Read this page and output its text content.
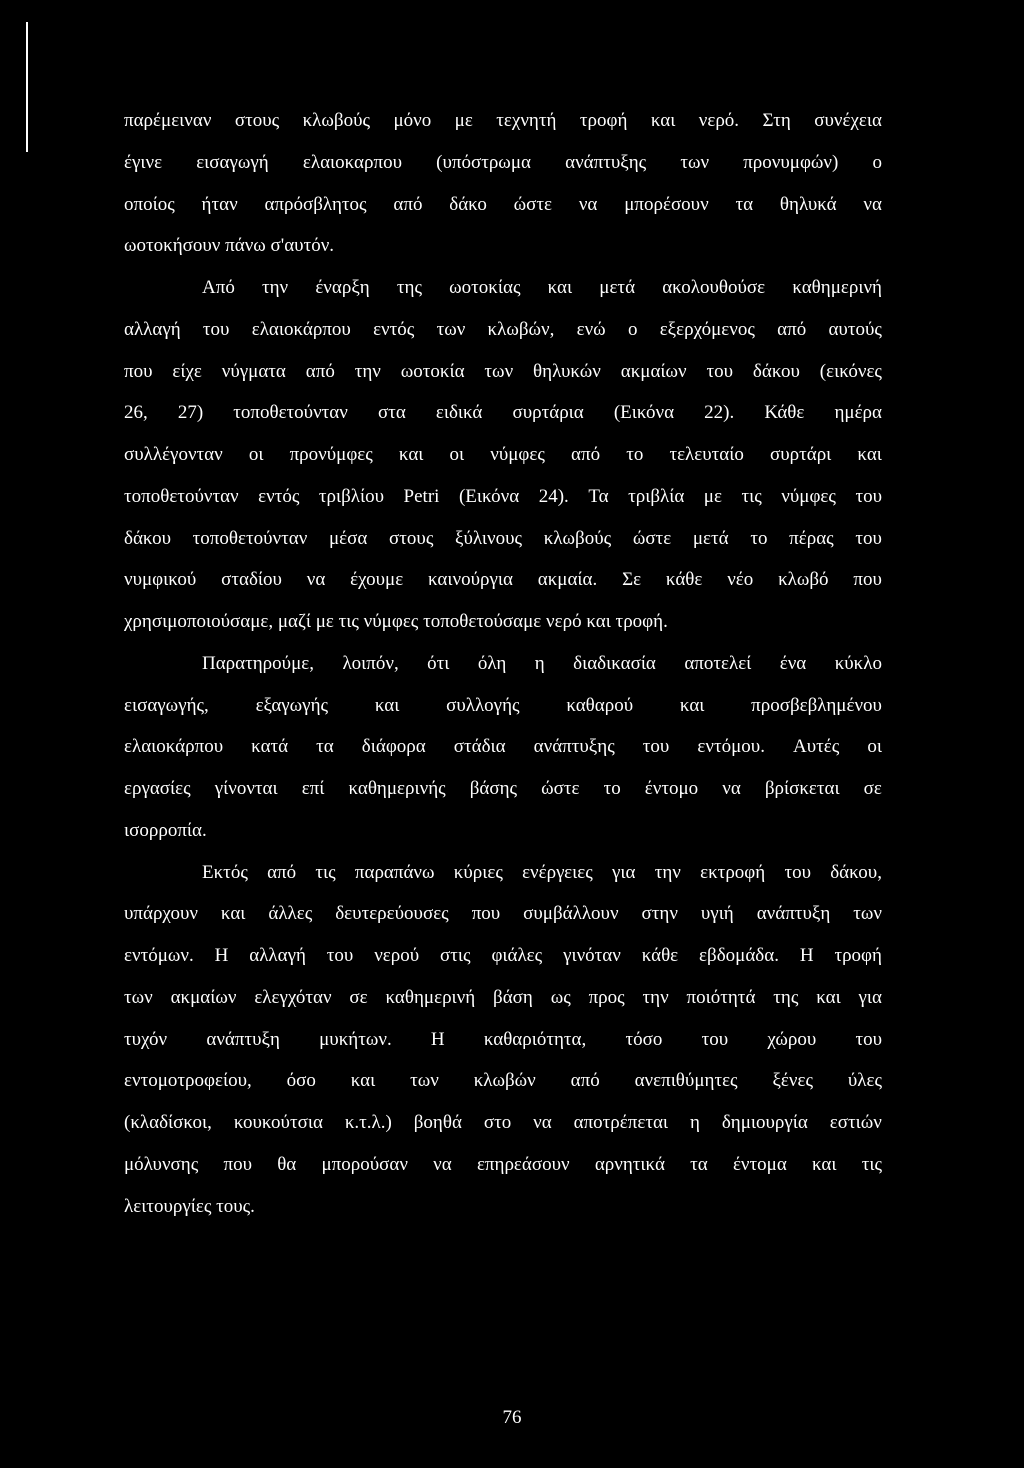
παρέμειναν στους κλωβούς μόνο με τεχνητή τροφή και νερό. Στη συνέχεια
έγινε εισαγωγή ελαιοκαρπου (υπόστρωμα ανάπτυξης των προνυμφών) ο
οποίος ήταν απρόσβλητος από δάκο ώστε να μπορέσουν τα θηλυκά να
ωοτοκήσουν πάνω σ'αυτόν.
Από την έναρξη της ωοτοκίας και μετά ακολουθούσε καθημερινή
αλλαγή του ελαιοκάρπου εντός των κλωβών, ενώ ο εξερχόμενος από αυτούς
που είχε νύγματα από την ωοτοκία των θηλυκών ακμαίων του δάκου (εικόνες
26, 27) τοποθετούνταν στα ειδικά συρτάρια (Εικόνα 22). Κάθε ημέρα
συλλέγονταν οι προνύμφες και οι νύμφες από το τελευταίο συρτάρι και
τοποθετούνταν εντός τριβλίου Petri (Εικόνα 24). Τα τριβλία με τις νύμφες του
δάκου τοποθετούνταν μέσα στους ξύλινους κλωβούς ώστε μετά το πέρας του
νυμφικού σταδίου να έχουμε καινούργια ακμαία. Σε κάθε νέο κλωβό που
χρησιμοποιούσαμε, μαζί με τις νύμφες τοποθετούσαμε νερό και τροφή.
Παρατηρούμε, λοιπόν, ότι όλη η διαδικασία αποτελεί ένα κύκλο
εισαγωγής, εξαγωγής και συλλογής καθαρού και προσβεβλημένου
ελαιοκάρπου κατά τα διάφορα στάδια ανάπτυξης του εντόμου. Αυτές οι
εργασίες γίνονται επί καθημερινής βάσης ώστε το έντομο να βρίσκεται σε
ισορροπία.
Εκτός από τις παραπάνω κύριες ενέργειες για την εκτροφή του δάκου,
υπάρχουν και άλλες δευτερεύουσες που συμβάλλουν στην υγιή ανάπτυξη των
εντόμων. Η αλλαγή του νερού στις φιάλες γινόταν κάθε εβδομάδα. Η τροφή
των ακμαίων ελεγχόταν σε καθημερινή βάση ως προς την ποιότητά της και για
τυχόν ανάπτυξη μυκήτων. Η καθαριότητα, τόσο του χώρου του
εντομοτροφείου, όσο και των κλωβών από ανεπιθύμητες ξένες ύλες
(κλαδίσκοι, κουκούτσια κ.τ.λ.) βοηθά στο να αποτρέπεται η δημιουργία εστιών
μόλυνσης που θα μπορούσαν να επηρεάσουν αρνητικά τα έντομα και τις
λειτουργίες τους.
76
